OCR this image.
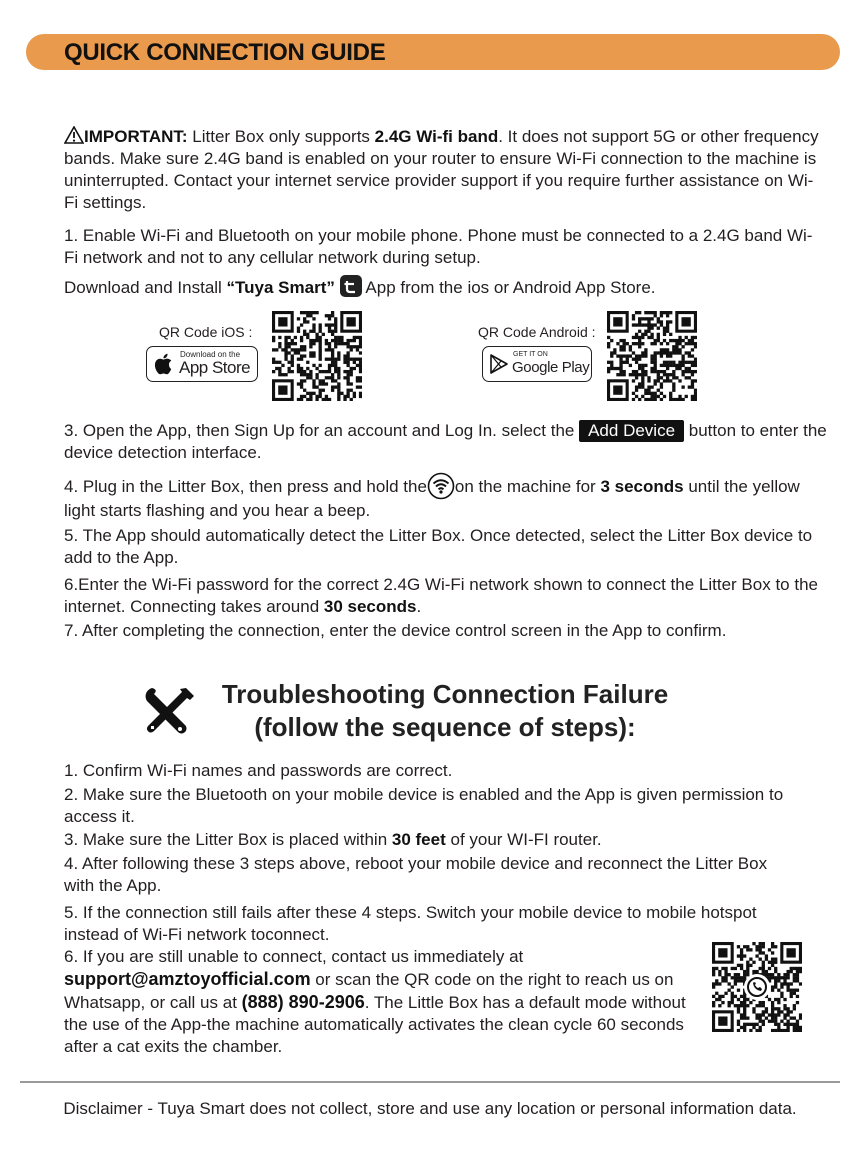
QUICK CONNECTION GUIDE

IMPORTANT: Litter Box only supports 2.4G Wi-fi band. It does not support 5G or other frequency bands. Make sure 2.4G band is enabled on your router to ensure Wi-Fi connection to the machine is uninterrupted. Contact your internet service provider support if you require further assistance on Wi-Fi settings.

1. Enable Wi-Fi and Bluetooth on your mobile phone. Phone must be connected to a 2.4G band Wi-Fi network and not to any cellular network during setup.

Download and Install “Tuya Smart”  App from the ios or Android App Store.

QR Code iOS :
Download on the
App Store
QR Code Android :
GET IT ON
Google Play

3. Open the App, then Sign Up for an account and Log In. select the Add Device button to enter the device detection interface.

4. Plug in the Litter Box, then press and hold the on the machine for 3 seconds until the yellow light starts flashing and you hear a beep.

5. The App should automatically detect the Litter Box. Once detected, select the Litter Box device to add to the App.

6.Enter the Wi-Fi password for the correct 2.4G Wi-Fi network shown to connect the Litter Box to the internet. Connecting takes around 30 seconds.

7. After completing the connection, enter the device control screen in the App to confirm.

Troubleshooting Connection Failure
(follow the sequence of steps):

1. Confirm Wi-Fi names and passwords are correct.

2. Make sure the Bluetooth on your mobile device is enabled and the App is given permission to access it.

3. Make sure the Litter Box is placed within 30 feet of your WI-FI router.

4. After following these 3 steps above, reboot your mobile device and reconnect the Litter Box with the App.

5. If the connection still fails after these 4 steps. Switch your mobile device to mobile hotspot instead of Wi-Fi network toconnect.

6. If you are still unable to connect, contact us immediately at
support@amztoyofficial.com or scan the QR code on the right to reach us on Whatsapp, or call us at (888) 890-2906. The Little Box has a default mode without the use of the App-the machine automatically activates the clean cycle 60 seconds after a cat exits the chamber.

Disclaimer - Tuya Smart does not collect, store and use any location or personal information data.
